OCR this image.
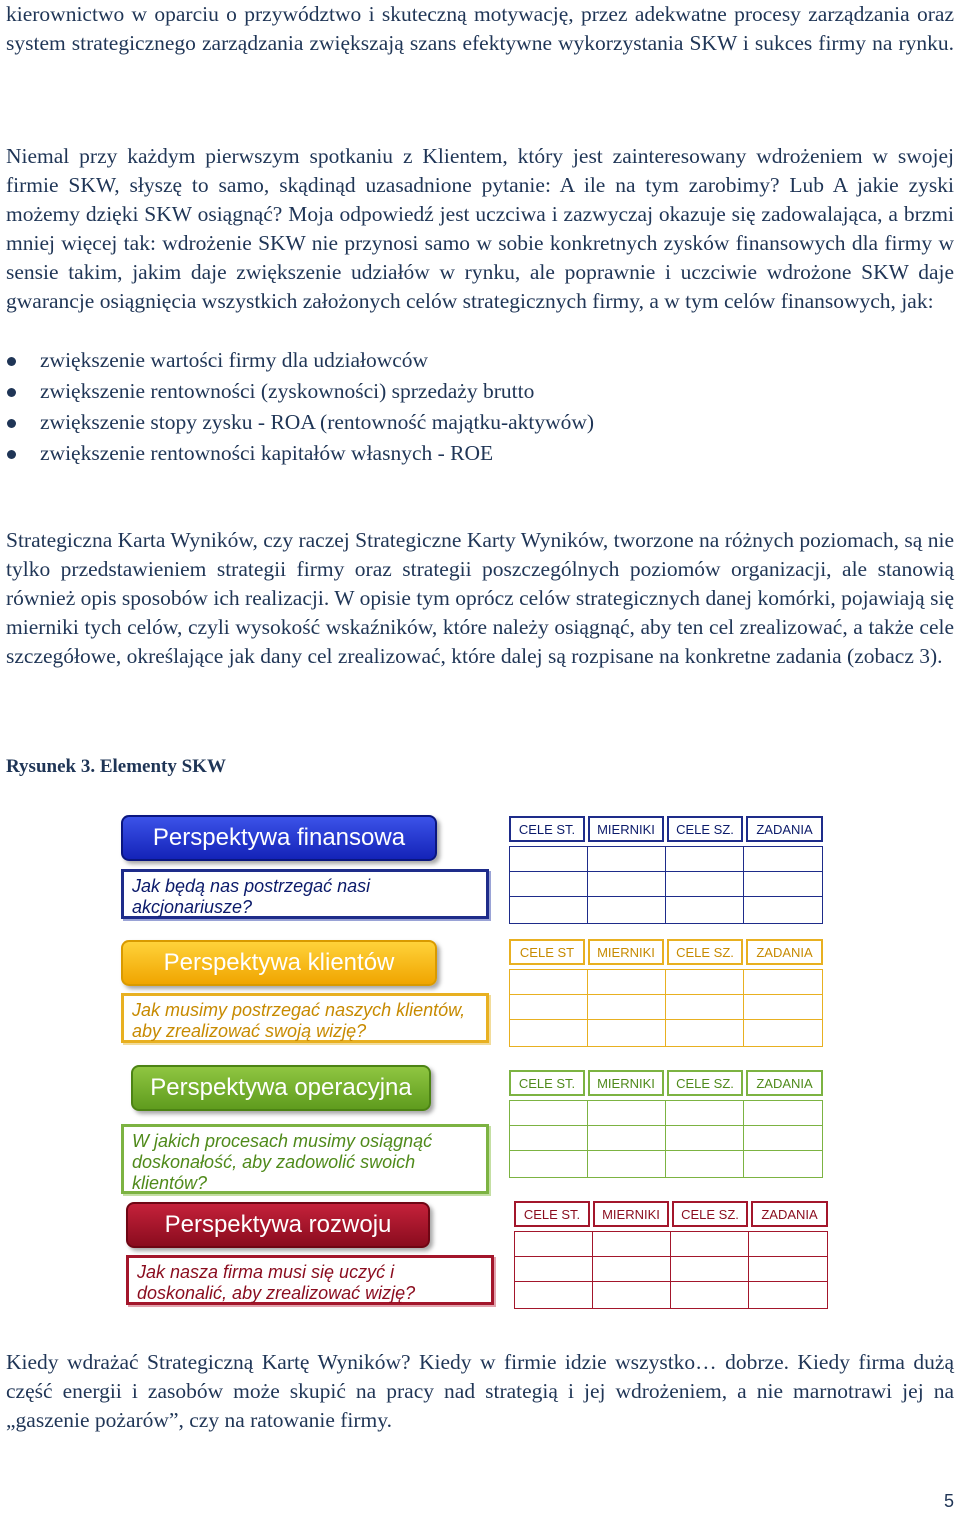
kierownictwo w oparciu o przywództwo i skuteczną motywację, przez adekwatne procesy zarządzania oraz system strategicznego zarządzania zwiększają szans efektywne wykorzystania SKW i sukces firmy na rynku.

Niemal przy każdym pierwszym spotkaniu z Klientem, który jest zainteresowany wdrożeniem w swojej firmie SKW, słyszę to samo, skądinąd uzasadnione pytanie: A ile na tym zarobimy? Lub A jakie zyski możemy dzięki SKW osiągnąć? Moja odpowiedź jest uczciwa i zazwyczaj okazuje się zadowalająca, a brzmi mniej więcej tak: wdrożenie SKW nie przynosi samo w sobie konkretnych zysków finansowych dla firmy w sensie takim, jakim daje zwiększenie udziałów w rynku, ale poprawnie i uczciwie wdrożone SKW daje gwarancje osiągnięcia wszystkich założonych celów strategicznych firmy, a w tym celów finansowych, jak:

zwiększenie wartości firmy dla udziałowców
zwiększenie rentowności (zyskowności) sprzedaży brutto
zwiększenie stopy zysku - ROA (rentowność majątku-aktywów)
zwiększenie rentowności kapitałów własnych - ROE

Strategiczna Karta Wyników, czy raczej Strategiczne Karty Wyników, tworzone na różnych poziomach, są nie tylko przedstawieniem strategii firmy oraz strategii poszczególnych poziomów organizacji, ale stanowią również opis sposobów ich realizacji. W opisie tym oprócz celów strategicznych danej komórki, pojawiają się mierniki tych celów, czyli wysokość wskaźników, które należy osiągnąć, aby ten cel zrealizować, a także cele szczegółowe, określające jak dany cel zrealizować, które dalej są rozpisane na konkretne zadania (zobacz 3).

Rysunek 3. Elementy SKW
Perspektywa finansowa
Jak będą nas postrzegać nasi akcjonariusze?
CELE ST.	MIERNIKI	CELE SZ.	ZADANIA
Perspektywa klientów
Jak musimy postrzegać naszych klientów, aby zrealizować swoją wizję?
CELE ST	MIERNIKI	CELE SZ.	ZADANIA
Perspektywa operacyjna
W jakich procesach musimy osiągnąć doskonałość, aby zadowolić swoich klientów?
CELE ST.	MIERNIKI	CELE SZ.	ZADANIA
Perspektywa rozwoju
Jak nasza firma musi się uczyć i doskonalić, aby zrealizować wizję?
CELE ST.	MIERNIKI	CELE SZ.	ZADANIA

Kiedy wdrażać Strategiczną Kartę Wyników? Kiedy w firmie idzie wszystko… dobrze. Kiedy firma dużą część energii i zasobów może skupić na pracy nad strategią i jej wdrożeniem, a nie marnotrawi jej na „gaszenie pożarów”, czy na ratowanie firmy.

5
